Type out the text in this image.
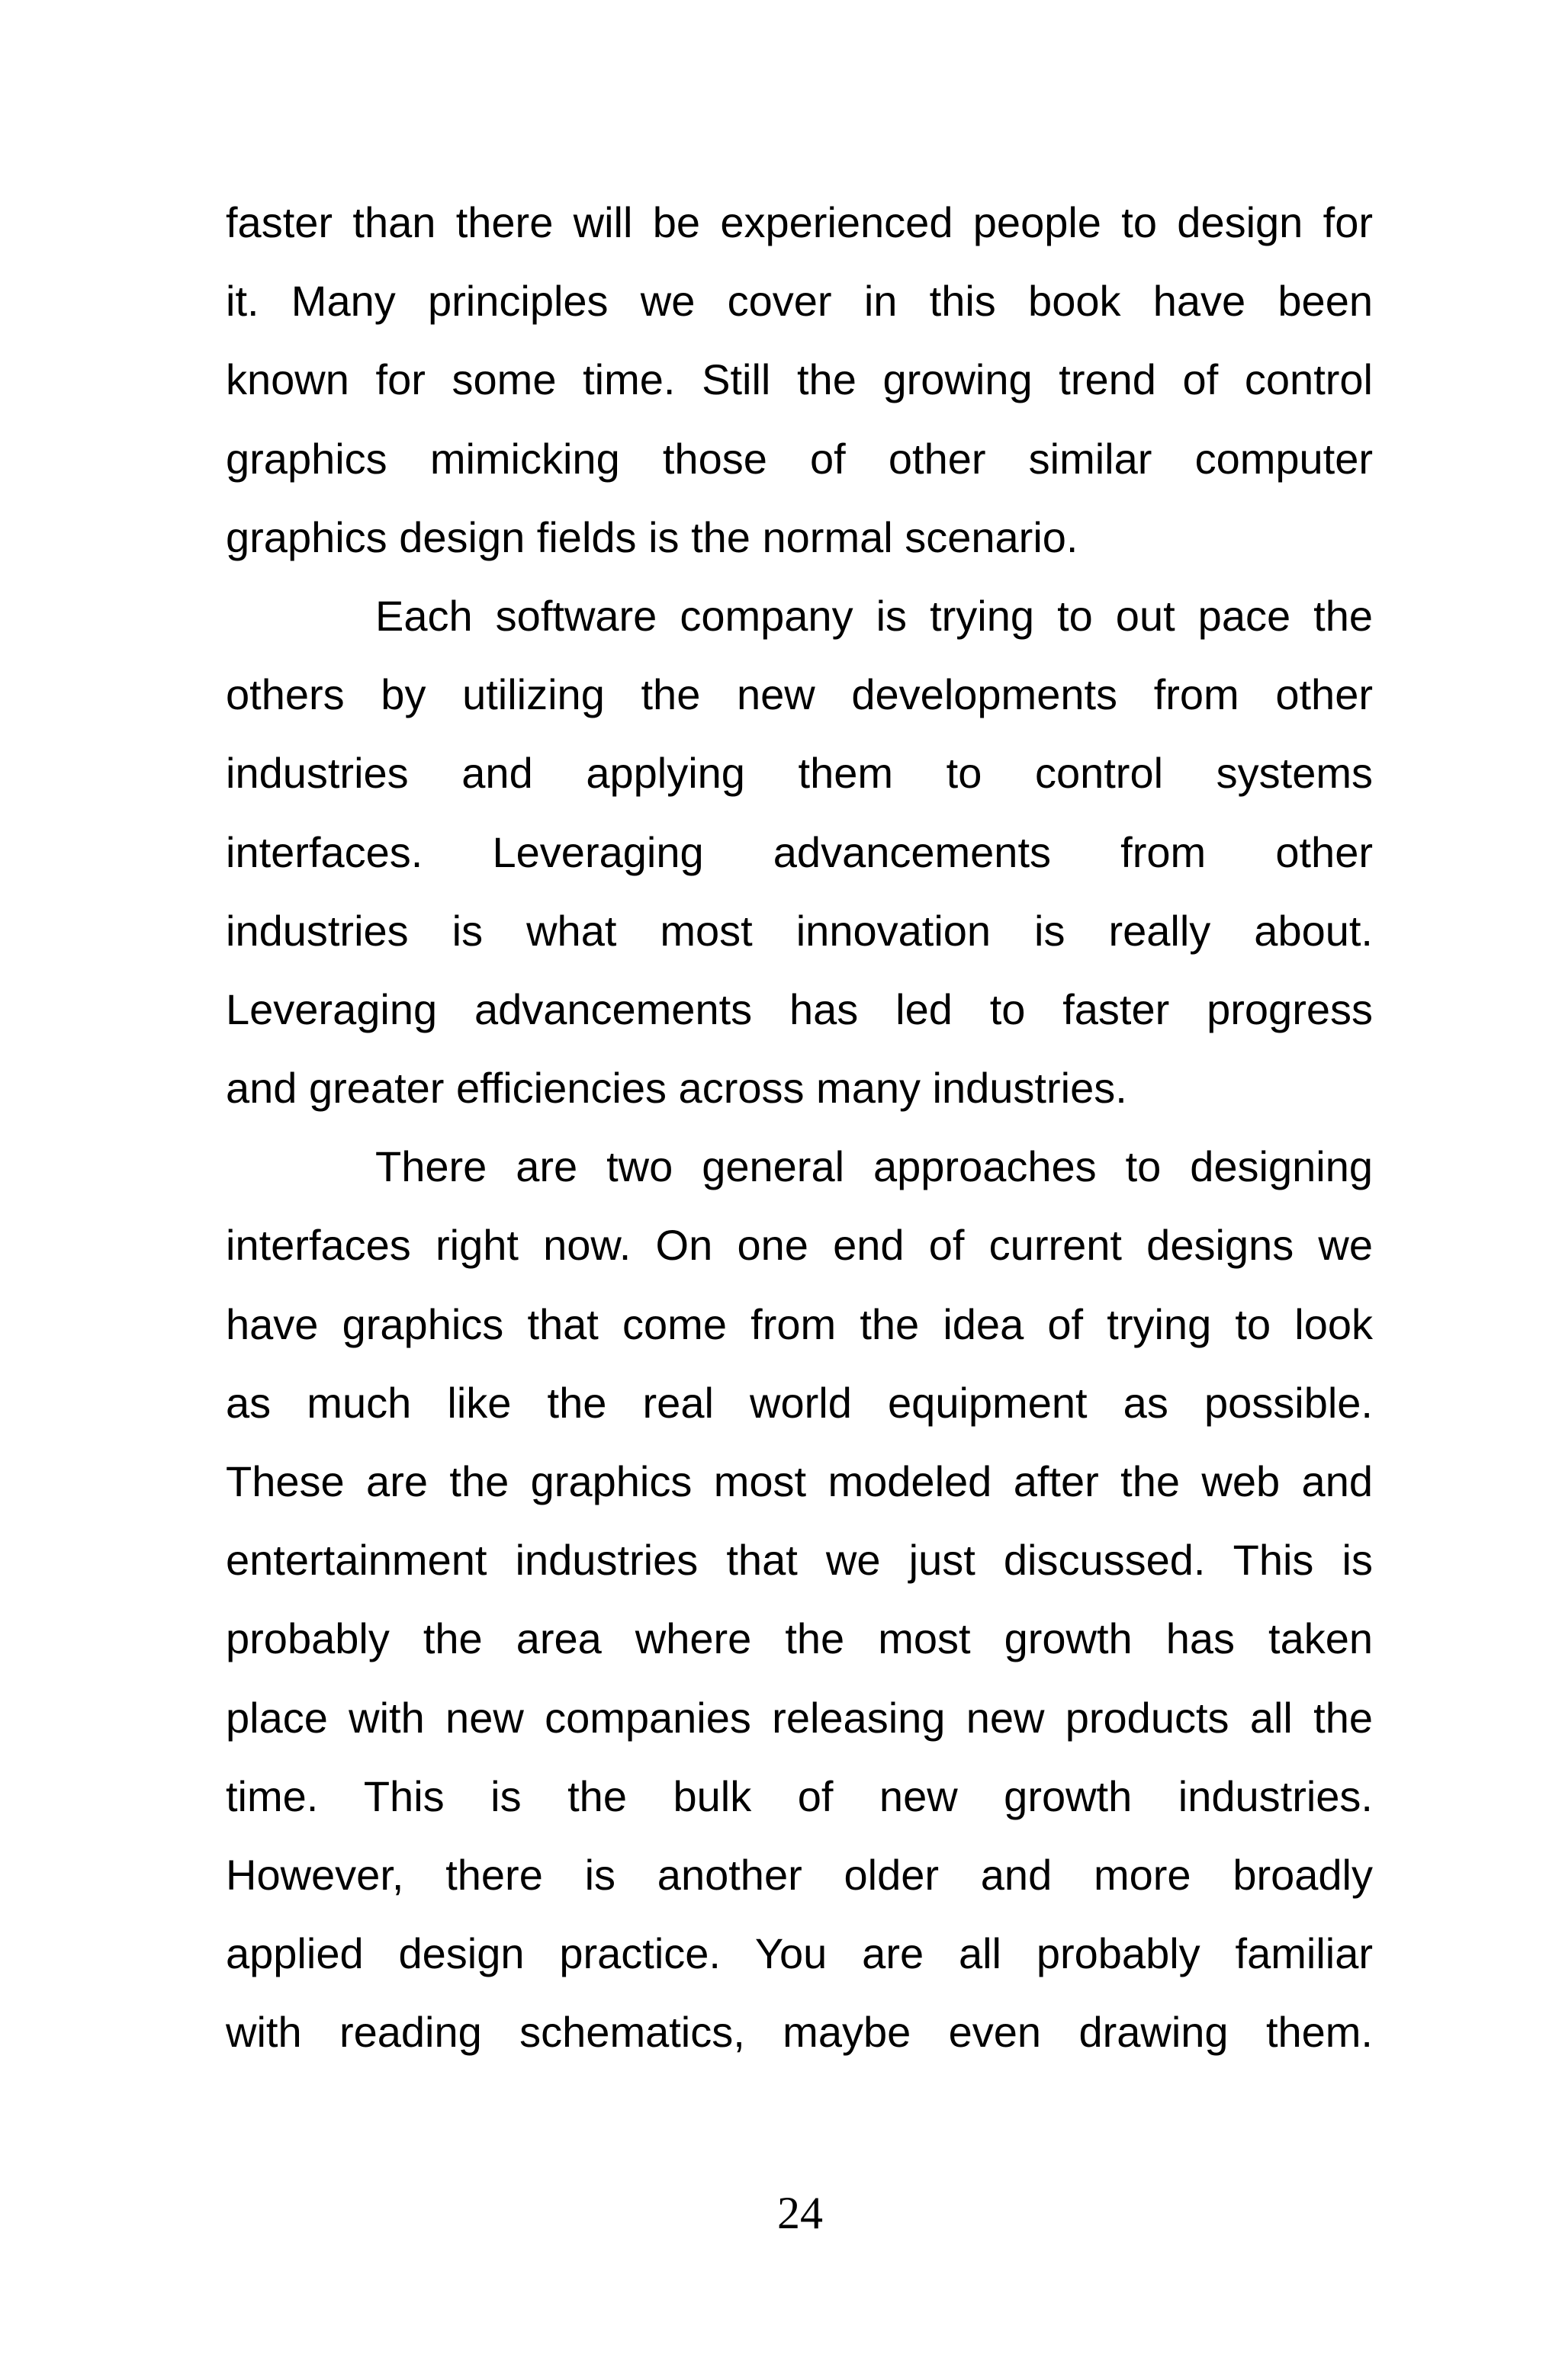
faster than there will be experienced people to design for
it. Many principles we cover in this book have been
known for some time. Still the growing trend of control
graphics mimicking those of other similar computer
graphics design fields is the normal scenario.
Each software company is trying to out pace the
others by utilizing the new developments from other
industries and applying them to control systems
interfaces. Leveraging advancements from other
industries is what most innovation is really about.
Leveraging advancements has led to faster progress
and greater efficiencies across many industries.
There are two general approaches to designing
interfaces right now. On one end of current designs we
have graphics that come from the idea of trying to look
as much like the real world equipment as possible.
These are the graphics most modeled after the web and
entertainment industries that we just discussed. This is
probably the area where the most growth has taken
place with new companies releasing new products all the
time. This is the bulk of new growth industries.
However, there is another older and more broadly
applied design practice. You are all probably familiar
with reading schematics, maybe even drawing them.
24
